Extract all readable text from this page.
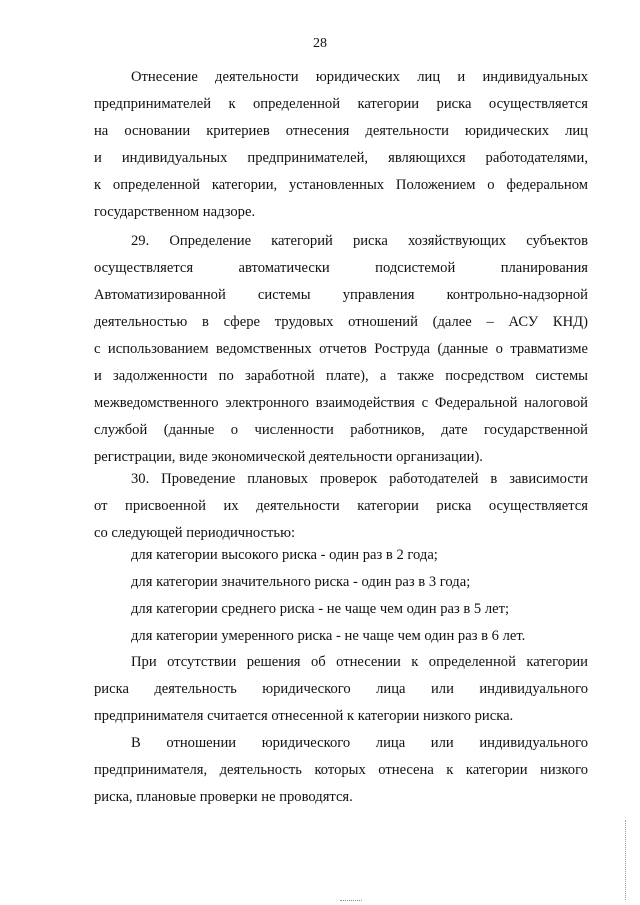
28
Отнесение деятельности юридических лиц и индивидуальных
предпринимателей к определенной категории риска осуществляется
на основании критериев отнесения деятельности юридических лиц
и индивидуальных предпринимателей, являющихся работодателями,
к определенной категории, установленных Положением о федеральном
государственном надзоре.
29. Определение категорий риска хозяйствующих субъектов
осуществляется автоматически подсистемой планирования
Автоматизированной системы управления контрольно-надзорной
деятельностью в сфере трудовых отношений (далее – АСУ КНД)
с использованием ведомственных отчетов Роструда (данные о травматизме
и задолженности по заработной плате), а также посредством системы
межведомственного электронного взаимодействия с Федеральной налоговой
службой (данные о численности работников, дате государственной
регистрации, виде экономической деятельности организации).
30. Проведение плановых проверок работодателей в зависимости
от присвоенной их деятельности категории риска осуществляется
со следующей периодичностью:
для категории высокого риска - один раз в 2 года;
для категории значительного риска - один раз в 3 года;
для категории среднего риска - не чаще чем один раз в 5 лет;
для категории умеренного риска - не чаще чем один раз в 6 лет.
При отсутствии решения об отнесении к определенной категории
риска деятельность юридического лица или индивидуального
предпринимателя считается отнесенной к категории низкого риска.
В отношении юридического лица или индивидуального
предпринимателя, деятельность которых отнесена к категории низкого
риска, плановые проверки не проводятся.
